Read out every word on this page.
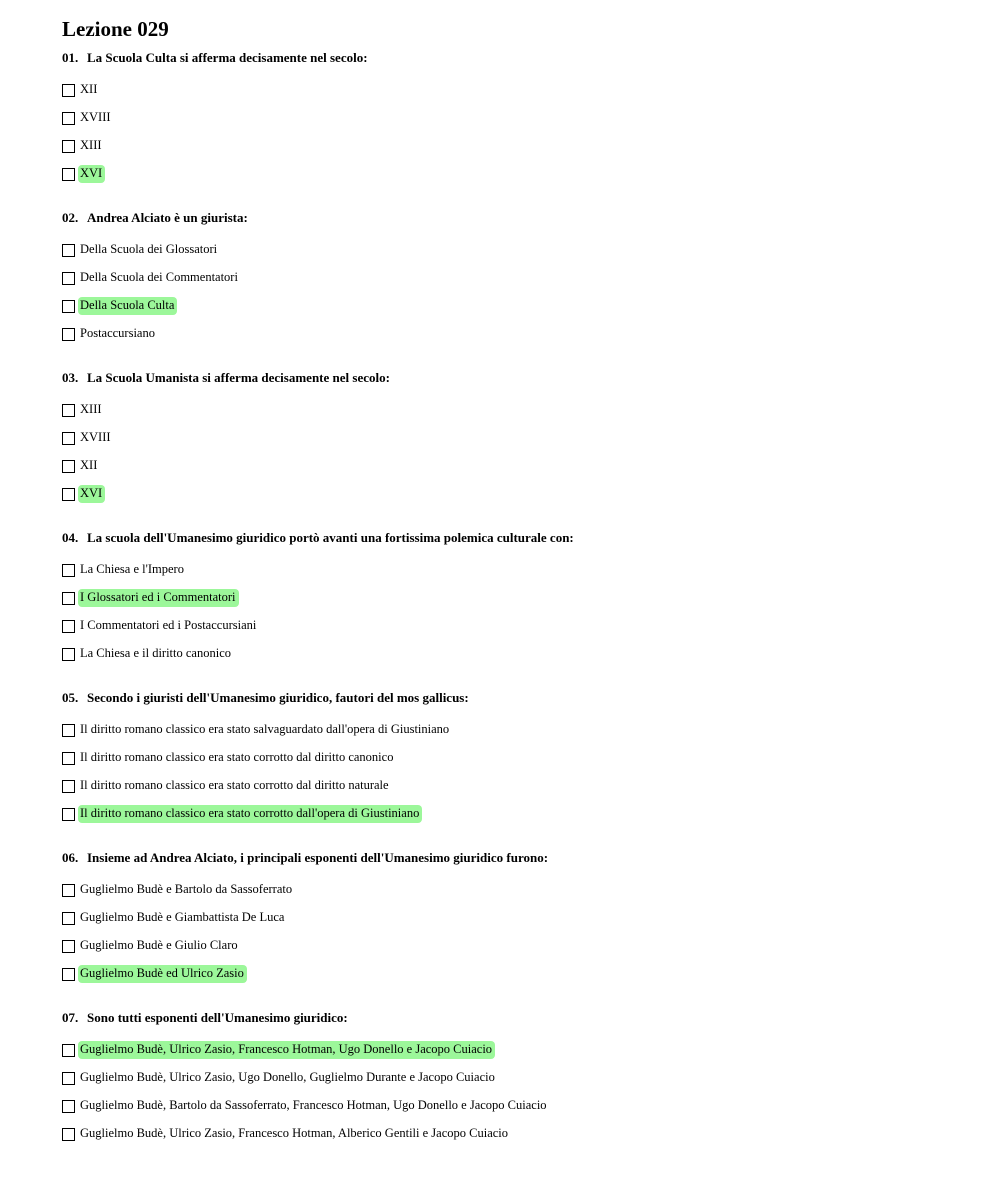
Lezione 029
01. La Scuola Culta si afferma decisamente nel secolo:
XII
XVIII
XIII
XVI
02. Andrea Alciato è un giurista:
Della Scuola dei Glossatori
Della Scuola dei Commentatori
Della Scuola Culta
Postaccursiano
03. La Scuola Umanista si afferma decisamente nel secolo:
XIII
XVIII
XII
XVI
04. La scuola dell'Umanesimo giuridico portò avanti una fortissima polemica culturale con:
La Chiesa e l'Impero
I Glossatori ed i Commentatori
I Commentatori ed i Postaccursiani
La Chiesa e il diritto canonico
05. Secondo i giuristi dell'Umanesimo giuridico, fautori del mos gallicus:
Il diritto romano classico era stato salvaguardato dall'opera di Giustiniano
Il diritto romano classico era stato corrotto dal diritto canonico
Il diritto romano classico era stato corrotto dal diritto naturale
Il diritto romano classico era stato corrotto dall'opera di Giustiniano
06. Insieme ad Andrea Alciato, i principali esponenti dell'Umanesimo giuridico furono:
Guglielmo Budè e Bartolo da Sassoferrato
Guglielmo Budè e Giambattista De Luca
Guglielmo Budè e Giulio Claro
Guglielmo Budè ed Ulrico Zasio
07. Sono tutti esponenti dell'Umanesimo giuridico:
Guglielmo Budè, Ulrico Zasio, Francesco Hotman, Ugo Donello e Jacopo Cuiacio
Guglielmo Budè, Ulrico Zasio, Ugo Donello, Guglielmo Durante e Jacopo Cuiacio
Guglielmo Budè, Bartolo da Sassoferrato, Francesco Hotman, Ugo Donello e Jacopo Cuiacio
Guglielmo Budè, Ulrico Zasio, Francesco Hotman, Alberico Gentili e Jacopo Cuiacio
